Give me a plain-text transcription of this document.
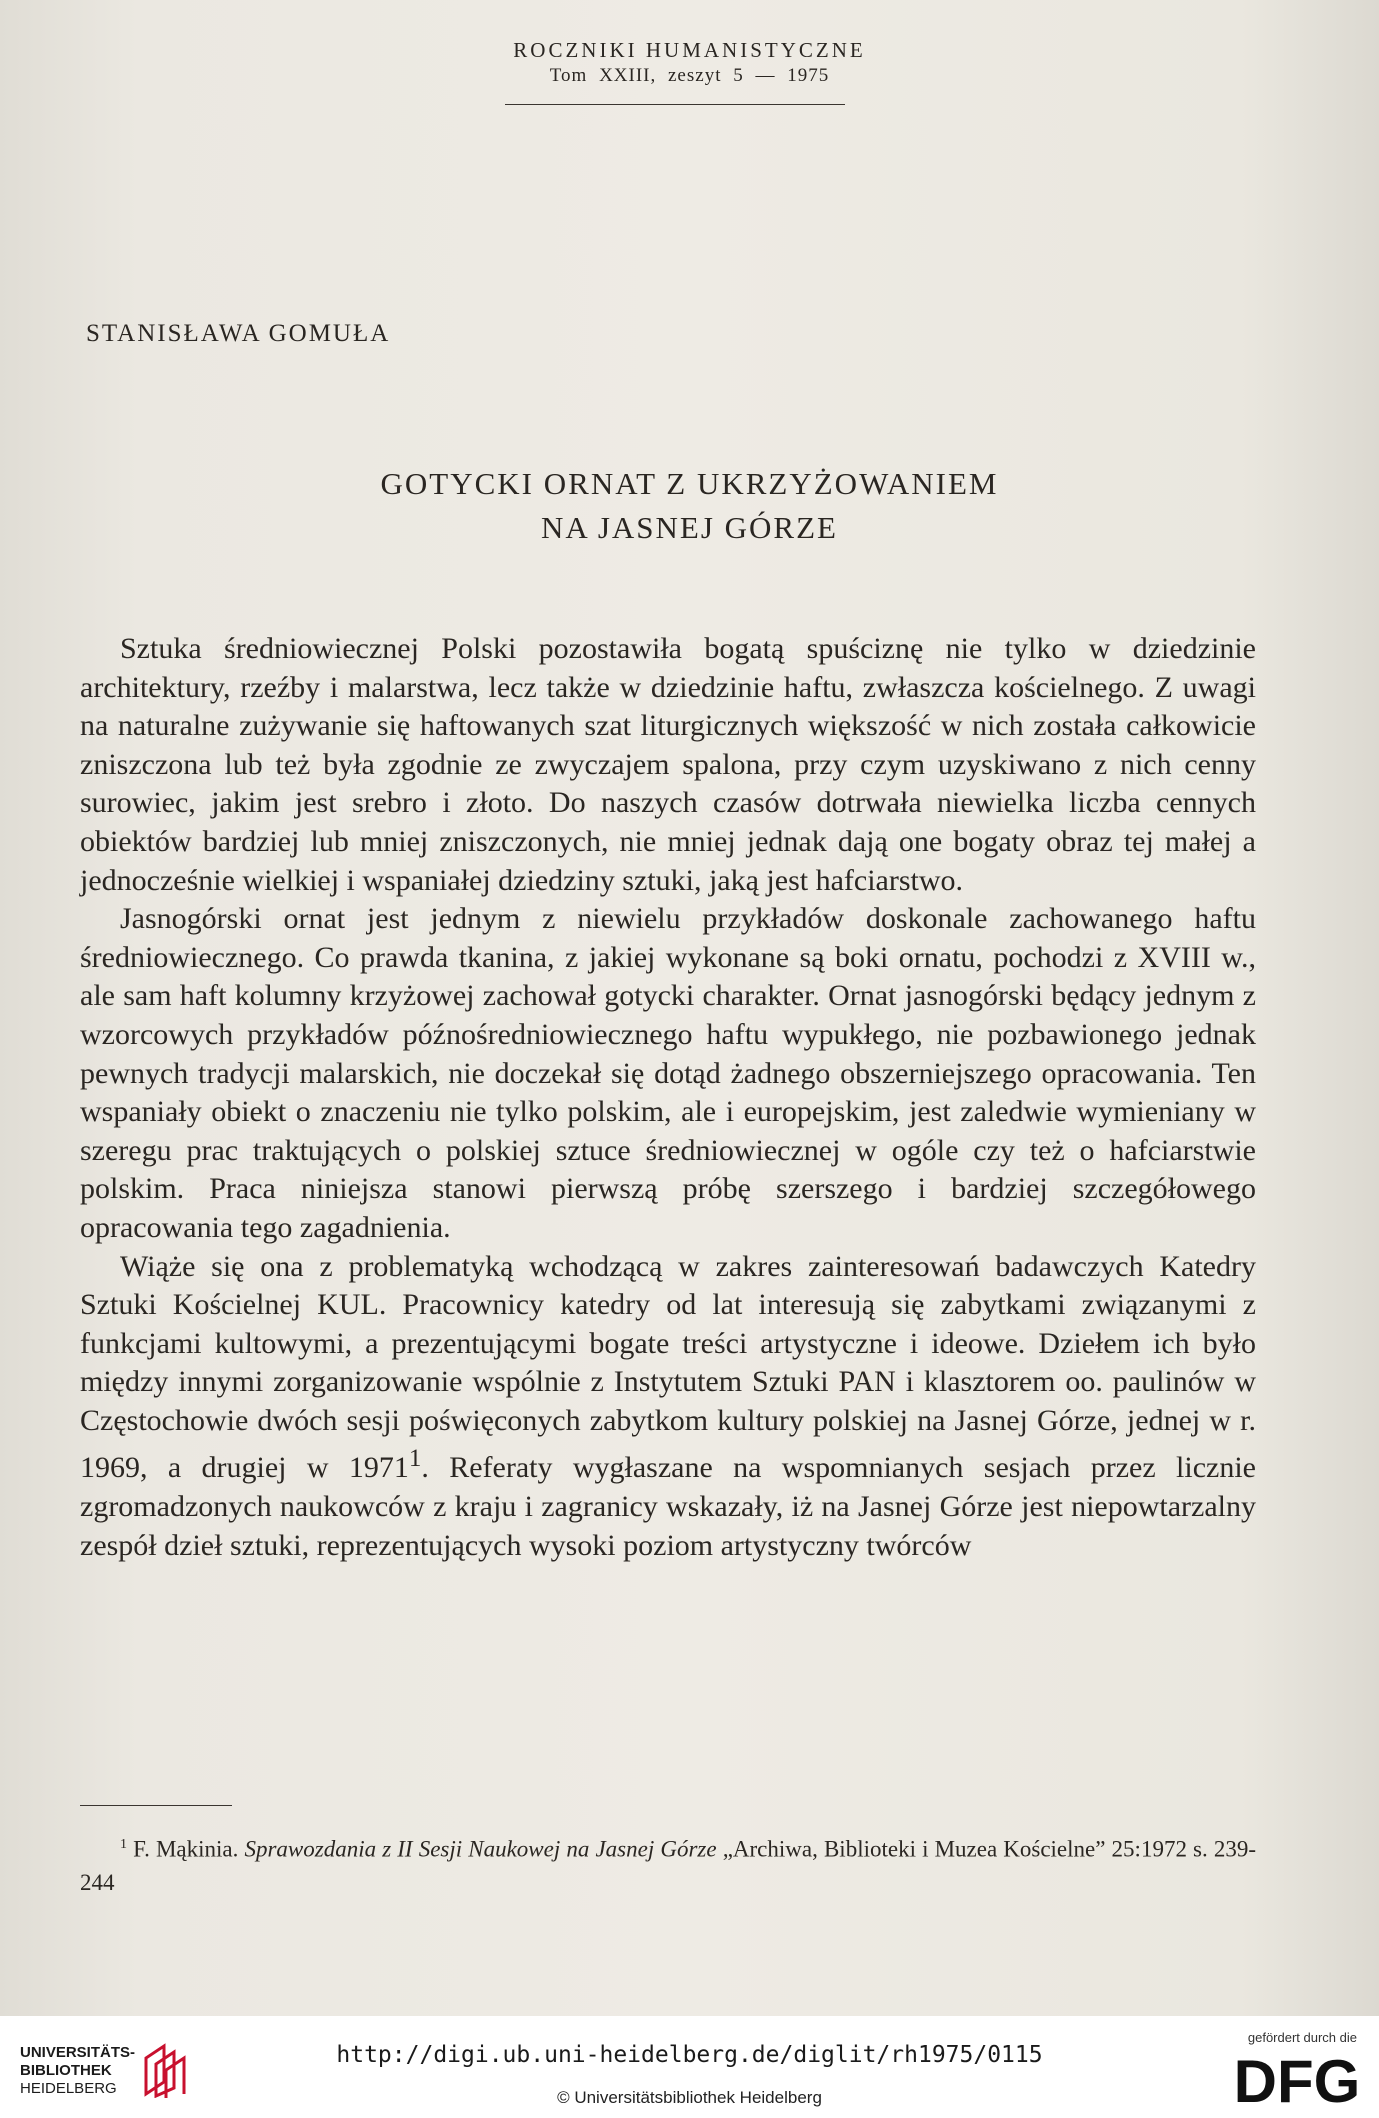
ROCZNIKI HUMANISTYCZNE
Tom XXIII, zeszyt 5 — 1975
STANISŁAWA GOMUŁA
GOTYCKI ORNAT Z UKRZYŻOWANIEM
NA JASNEJ GÓRZE

Sztuka średniowiecznej Polski pozostawiła bogatą spuściznę nie tylko w dziedzinie architektury, rzeźby i malarstwa, lecz także w dziedzinie haftu, zwłaszcza kościelnego. Z uwagi na naturalne zużywanie się haftowanych szat liturgicznych większość w nich została całkowicie zniszczona lub też była zgodnie ze zwyczajem spalona, przy czym uzyskiwano z nich cenny surowiec, jakim jest srebro i złoto. Do naszych czasów dotrwała niewielka liczba cennych obiektów bardziej lub mniej zniszczonych, nie mniej jednak dają one bogaty obraz tej małej a jednocześnie wielkiej i wspaniałej dziedziny sztuki, jaką jest hafciarstwo.

Jasnogórski ornat jest jednym z niewielu przykładów doskonale zachowanego haftu średniowiecznego. Co prawda tkanina, z jakiej wykonane są boki ornatu, pochodzi z XVIII w., ale sam haft kolumny krzyżowej zachował gotycki charakter. Ornat jasnogórski będący jednym z wzorcowych przykładów późnośredniowiecznego haftu wypukłego, nie pozbawionego jednak pewnych tradycji malarskich, nie doczekał się dotąd żadnego obszerniejszego opracowania. Ten wspaniały obiekt o znaczeniu nie tylko polskim, ale i europejskim, jest zaledwie wymieniany w szeregu prac traktujących o polskiej sztuce średniowiecznej w ogóle czy też o hafciarstwie polskim. Praca niniejsza stanowi pierwszą próbę szerszego i bardziej szczegółowego opracowania tego zagadnienia.

Wiąże się ona z problematyką wchodzącą w zakres zainteresowań badawczych Katedry Sztuki Kościelnej KUL. Pracownicy katedry od lat interesują się zabytkami związanymi z funkcjami kultowymi, a prezentującymi bogate treści artystyczne i ideowe. Dziełem ich było między innymi zorganizowanie wspólnie z Instytutem Sztuki PAN i klasztorem oo. paulinów w Częstochowie dwóch sesji poświęconych zabytkom kultury polskiej na Jasnej Górze, jednej w r. 1969, a drugiej w 1971$^1$. Referaty wygłaszane na wspomnianych sesjach przez licznie zgromadzonych naukowców z kraju i zagranicy wskazały, iż na Jasnej Górze jest niepowtarzalny zespół dzieł sztuki, reprezentujących wysoki poziom artystyczny twórców

$^1$ F. Mąkinia. Sprawozdania z II Sesji Naukowej na Jasnej Górze „Archiwa, Biblioteki i Muzea Kościelne” 25:1972 s. 239-244
UNIVERSITÄTS-
BIBLIOTHEK
HEIDELBERG
http://digi.ub.uni-heidelberg.de/diglit/rh1975/0115
© Universitätsbibliothek Heidelberg
gefördert durch die
DFG
